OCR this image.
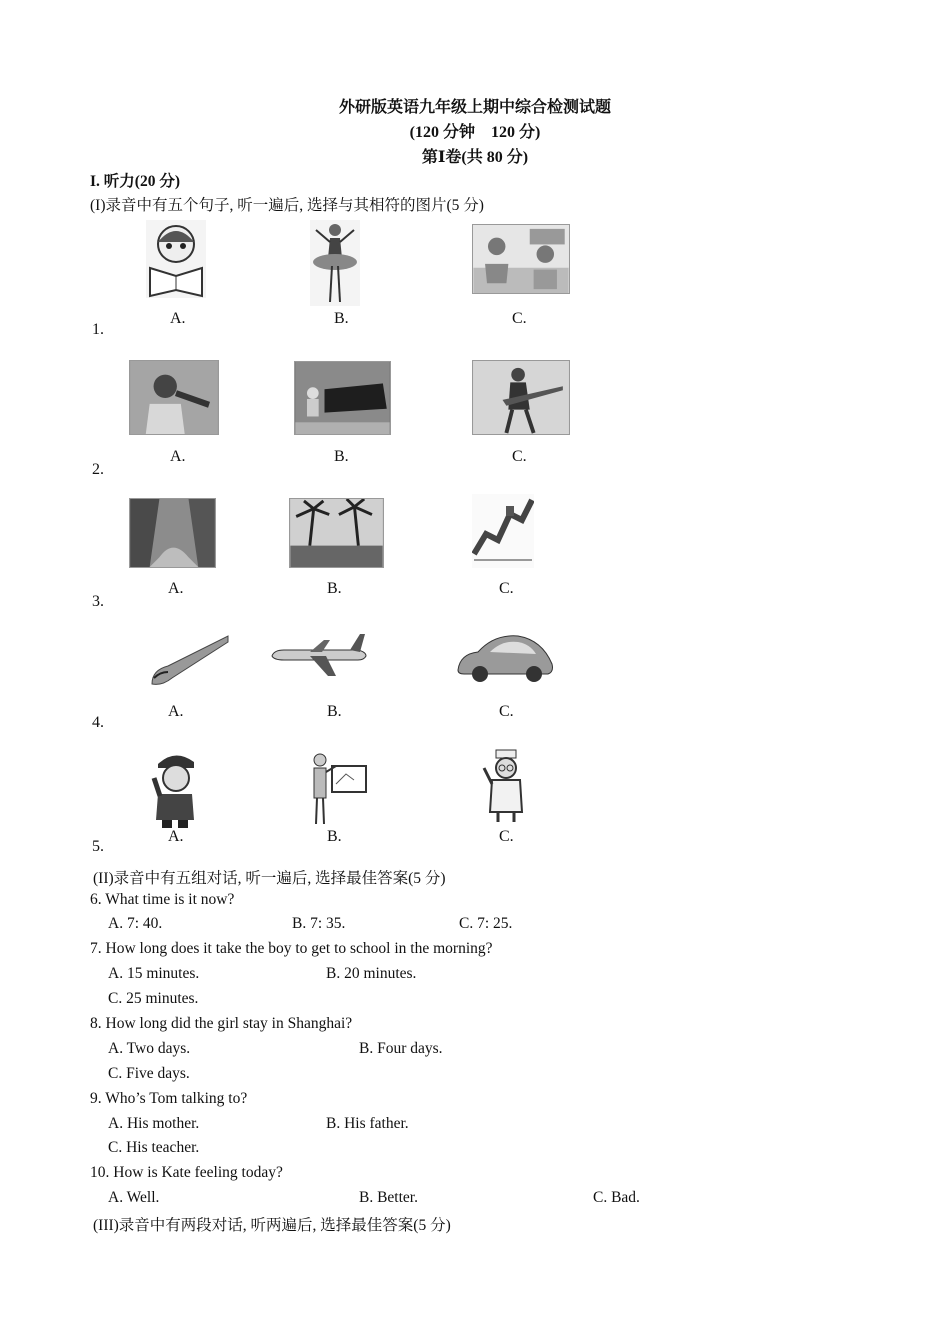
外研版英语九年级上期中综合检测试题
(120 分钟　120 分)
第Ⅰ卷(共 80 分)
I. 听力(20 分)
(I)录音中有五个句子, 听一遍后, 选择与其相符的图片(5 分)
1.
A.	B.	C.
2.
A.	B.	C.
3.
A.	B.	C.
4.
A.	B.	C.
5.
A.	B.	C.
(II)录音中有五组对话, 听一遍后, 选择最佳答案(5 分)
6. What time is it now?
A. 7: 40.	B. 7: 35.	C. 7: 25.
7. How long does it take the boy to get to school in the morning?
A. 15 minutes.	B. 20 minutes.
C. 25 minutes.
8. How long did the girl stay in Shanghai?
A. Two days.	B. Four days.
C. Five days.
9. Who’s Tom talking to?
A. His mother.	B. His father.
C. His teacher.
10. How is Kate feeling today?
A. Well.	B. Better.	C. Bad.
(III)录音中有两段对话, 听两遍后, 选择最佳答案(5 分)
